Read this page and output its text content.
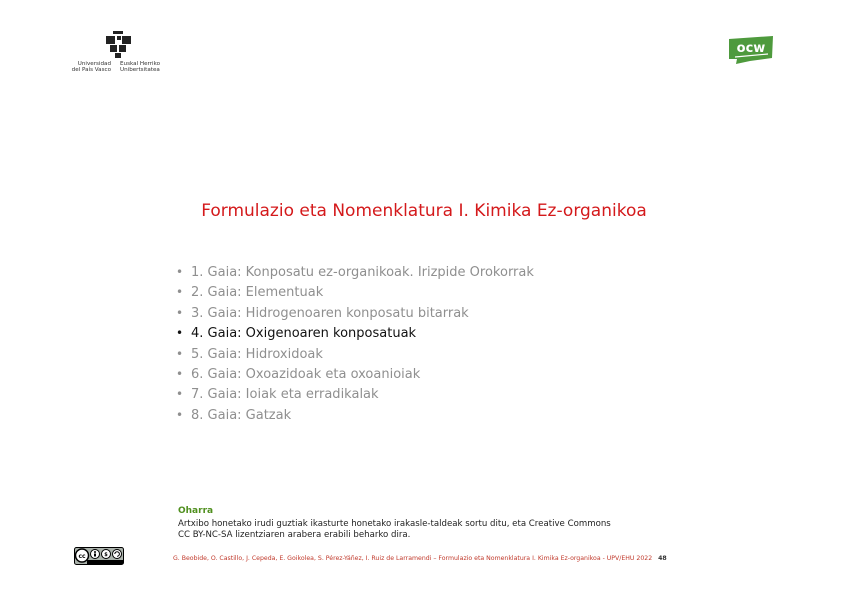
Universidad
del País Vasco
Euskal Herriko
Unibertsitatea
ocw
Formulazio eta Nomenklatura I. Kimika Ez-organikoa
• 1. Gaia: Konposatu ez-organikoak. Irizpide Orokorrak
• 2. Gaia: Elementuak
• 3. Gaia: Hidrogenoaren konposatu bitarrak
• 4. Gaia: Oxigenoaren konposatuak
• 5. Gaia: Hidroxidoak
• 6. Gaia: Oxoazidoak eta oxoanioiak
• 7. Gaia: Ioiak eta erradikalak
• 8. Gaia: Gatzak
Oharra
Artxibo honetako irudi guztiak ikasturte honetako irakasle-taldeak sortu ditu, eta Creative Commons
CC BY-NC-SA lizentziaren arabera erabili beharko dira.
cc	$	G. Beobide, O. Castillo, J. Cepeda, E. Goikolea, S. Pérez-Yáñez, I. Ruiz de Larramendi – Formulazio eta Nomenklatura I. Kimika Ez-organikoa - UPV/EHU 2022 48
